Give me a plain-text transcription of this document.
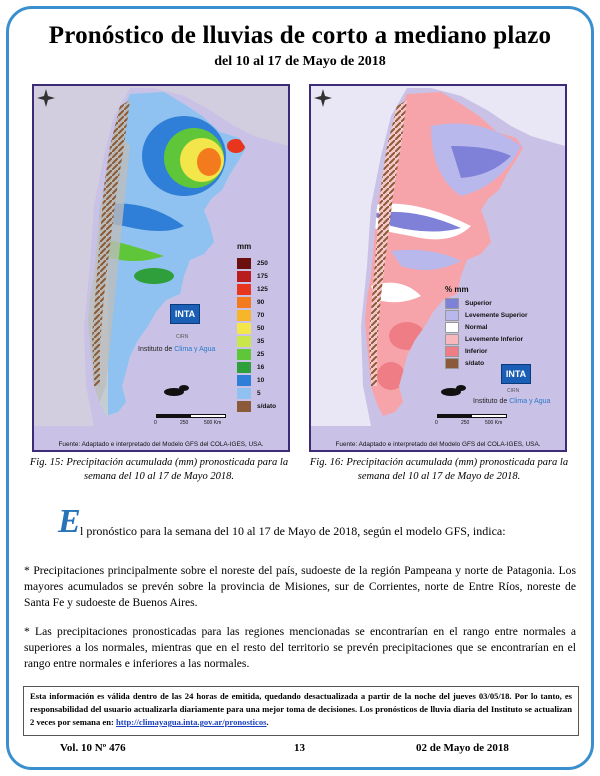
Pronóstico de lluvias de corto a mediano plazo
del 10 al 17 de Mayo de 2018
mm
250
175
125
90
70
50
35
25
16
10
5
s/dato
INTA
CIRN
Instituto de Clima y Agua
0	250	500 Km
Fuente: Adaptado e interpretado del Modelo GFS del COLA-IGES, USA.
% mm
Superior
Levemente Superior
Normal
Levemente Inferior
Inferior
s/dato
INTA
CIRN
Instituto de Clima y Agua
0	250	500 Km
Fuente: Adaptado e interpretado del Modelo GFS del COLA-IGES, USA.
Fig. 15: Precipitación acumulada (mm) pronosticada para la semana del 10 al 17 de Mayo 2018.
Fig. 16: Precipitación acumulada (mm) pronosticada para la semana del 10 al 17 de Mayo de 2018.
E l pronóstico para la semana del 10 al 17 de Mayo de 2018, según el modelo GFS, indica:
* Precipitaciones principalmente sobre el noreste del país, sudoeste de la región Pampeana y norte de Patagonia. Los mayores acumulados se prevén sobre la provincia de Misiones, sur de Corrientes, norte de Entre Ríos, noreste de Santa Fe y sudoeste de Buenos Aires.
* Las precipitaciones pronosticadas para las regiones mencionadas se encontrarían en el rango entre normales a superiores a los normales, mientras que en el resto del territorio se prevén precipitaciones que se encontrarían en el rango entre normales e inferiores a las normales.
Esta información es válida dentro de las 24 horas de emitida, quedando desactualizada a partir de la noche del jueves 03/05/18. Por lo tanto, es responsabilidad del usuario actualizarla diariamente para una mejor toma de decisiones. Los pronósticos de lluvia diaria del Instituto se actualizan 2 veces por semana en: http://climayagua.inta.gov.ar/pronosticos.
Vol. 10 Nº 476	13	02 de Mayo de 2018
